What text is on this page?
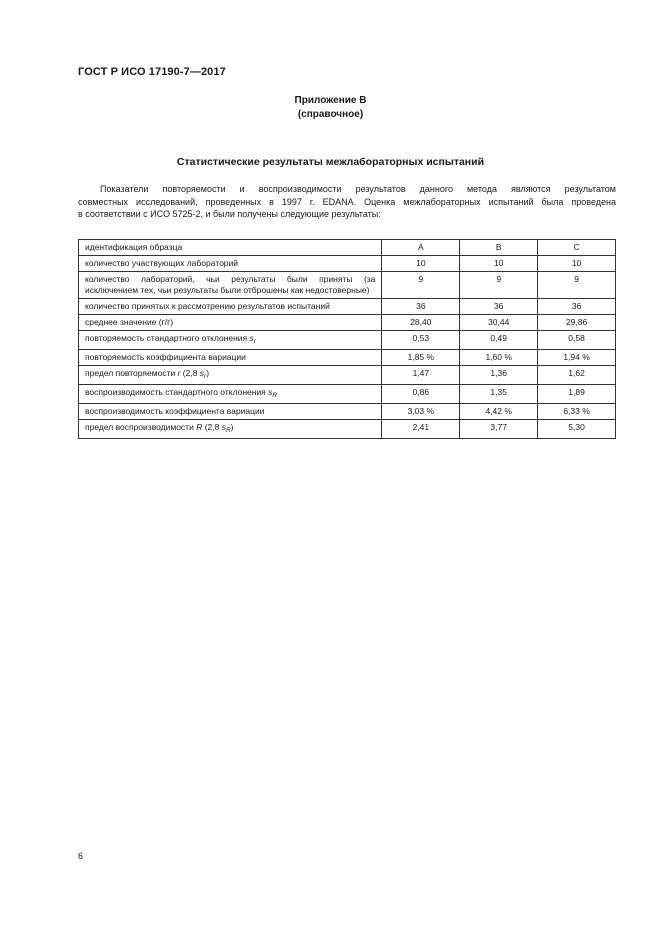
ГОСТ Р ИСО 17190-7—2017
Приложение В
(справочное)
Статистические результаты межлабораторных испытаний
Показатели повторяемости и воспроизводимости результатов данного метода являются результатом
совместных исследований, проведенных в 1997 г. EDANA. Оценка межлабораторных испытаний была проведена
в соответствии с ИСО 5725-2, и были получены следующие результаты:
идентификация образца	А	В	С
количество участвующих лабораторий	10	10	10
количество лабораторий, чьи результаты были приняты (за исключением тех, чьи результаты были отброшены как недостоверные)	9	9	9
количество принятых к рассмотрению результатов испытаний	36	36	36
среднее значение (г/г)	28,40	30,44	29,86
повторяемость стандартного отклонения $s_r$	0,53	0,49	0,58
повторяемость коэффициента вариации	1,85 %	1,60 %	1,94 %
предел повторяемости r (2,8 $s_r$)	1,47	1,36	1,62
воспроизводимость стандартного отклонения $s_R$	0,86	1,35	1,89
воспроизводимость коэффициента вариации	3,03 %	4,42 %	6,33 %
предел воспроизводимости R (2,8 $s_R$)	2,41	3,77	5,30
6
